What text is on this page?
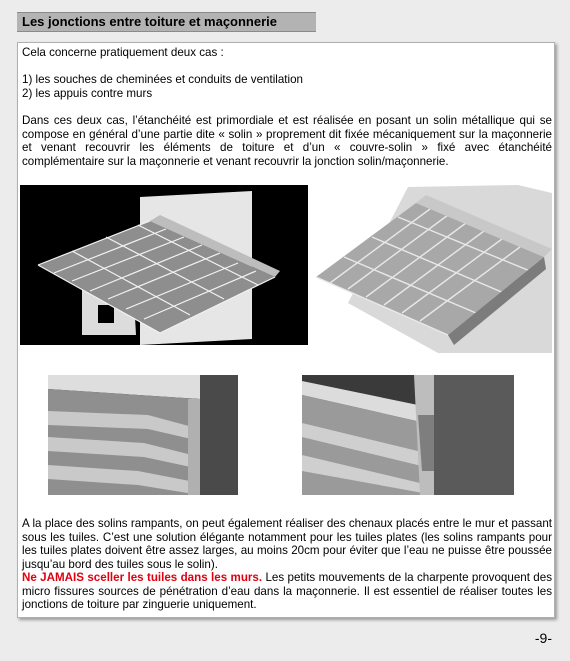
Les jonctions entre toiture et maçonnerie
Cela concerne pratiquement deux cas :
1) les souches de cheminées et conduits de ventilation
2) les appuis contre murs
Dans ces deux cas, l’étanchéité est primordiale et est réalisée en posant un solin métallique qui se compose en général d’une partie dite « solin » proprement dit fixée mécaniquement sur la maçonnerie et venant recouvrir les éléments de toiture et d’un « couvre-solin » fixé avec étanchéité complémentaire sur la maçonnerie et venant recouvrir la jonction solin/maçonnerie.
A la place des solins rampants, on peut également réaliser des chenaux placés entre le mur et passant sous les tuiles. C’est une solution élégante notamment pour les tuiles plates (les solins rampants pour les tuiles plates doivent être assez larges, au moins 20cm pour éviter que l’eau ne puisse être poussée jusqu’au bord des tuiles sous le solin).
Ne JAMAIS sceller les tuiles dans les murs. Les petits mouvements de la charpente provoquent des micro fissures sources de pénétration d’eau dans la maçonnerie. Il est essentiel de réaliser toutes les jonctions de toiture par zinguerie uniquement.
-9-
